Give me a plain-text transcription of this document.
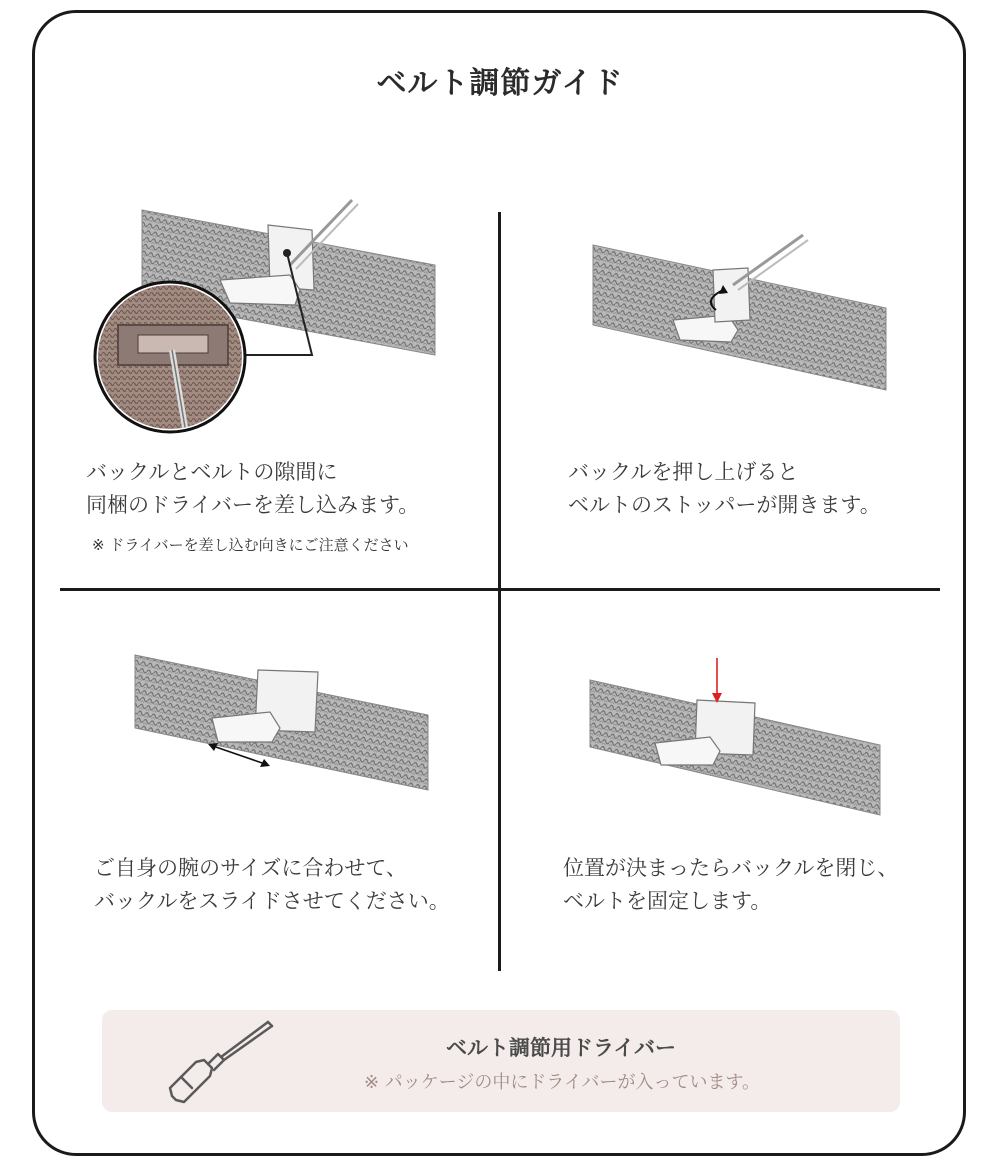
ベルト調節ガイド
バックルとベルトの隙間に
同梱のドライバーを差し込みます。
※ ドライバーを差し込む向きにご注意ください
バックルを押し上げると
ベルトのストッパーが開きます。
ご自身の腕のサイズに合わせて、
バックルをスライドさせてください。
位置が決まったらバックルを閉じ、
ベルトを固定します。
ベルト調節用ドライバー
※ パッケージの中にドライバーが入っています。
